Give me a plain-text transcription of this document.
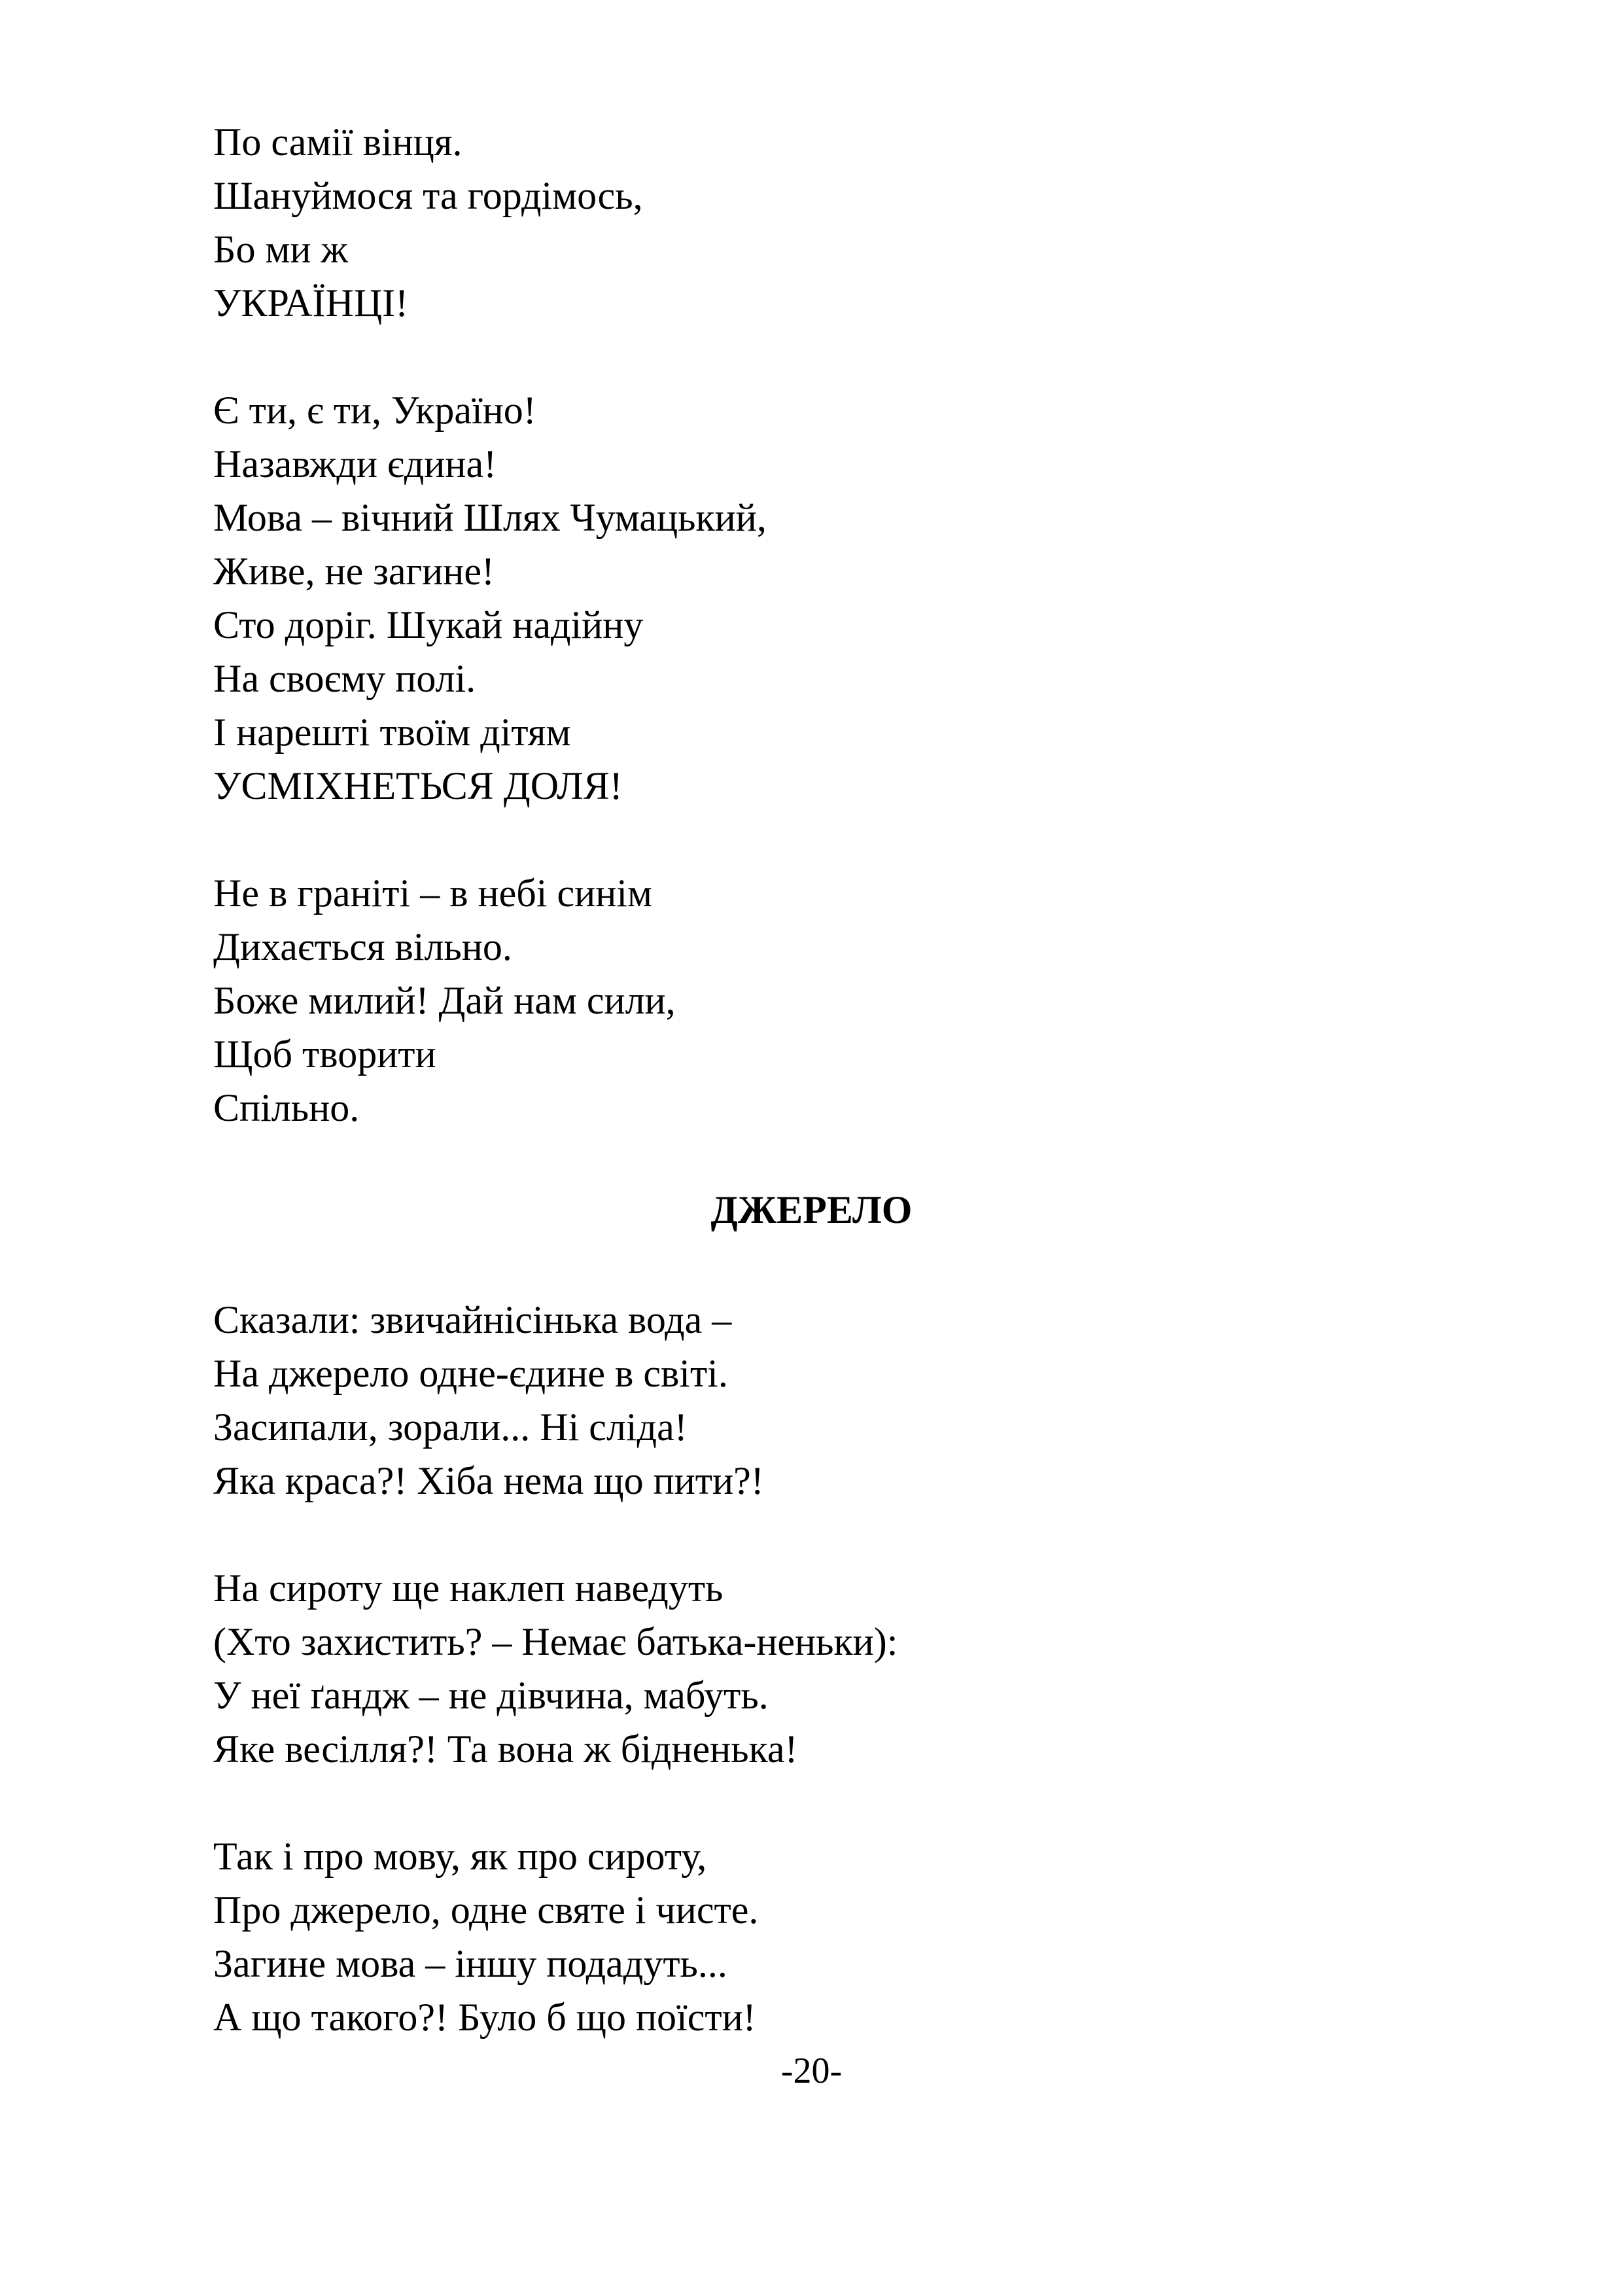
По самії вінця.
Шануймося та гордімось,
Бо ми ж
УКРАЇНЦІ!
Є ти, є ти, Україно!
Назавжди єдина!
Мова – вічний Шлях Чумацький,
Живе, не загине!
Сто доріг. Шукай надійну
На своєму полі.
І нарешті твоїм дітям
УСМІХНЕТЬСЯ ДОЛЯ!
Не в граніті – в небі синім
Дихається вільно.
Боже милий! Дай нам сили,
Щоб творити
Спільно.
ДЖЕРЕЛО
Сказали: звичайнісінька вода –
На джерело одне-єдине в світі.
Засипали, зорали... Ні сліда!
Яка краса?! Хіба нема що пити?!
На сироту ще наклеп наведуть
(Хто захистить? – Немає батька-неньки):
У неї ґандж – не дівчина, мабуть.
Яке весілля?! Та вона ж бідненька!
Так і про мову, як про сироту,
Про джерело, одне святе і чисте.
Загине мова – іншу подадуть...
А що такого?! Було б що поїсти!
-20-
